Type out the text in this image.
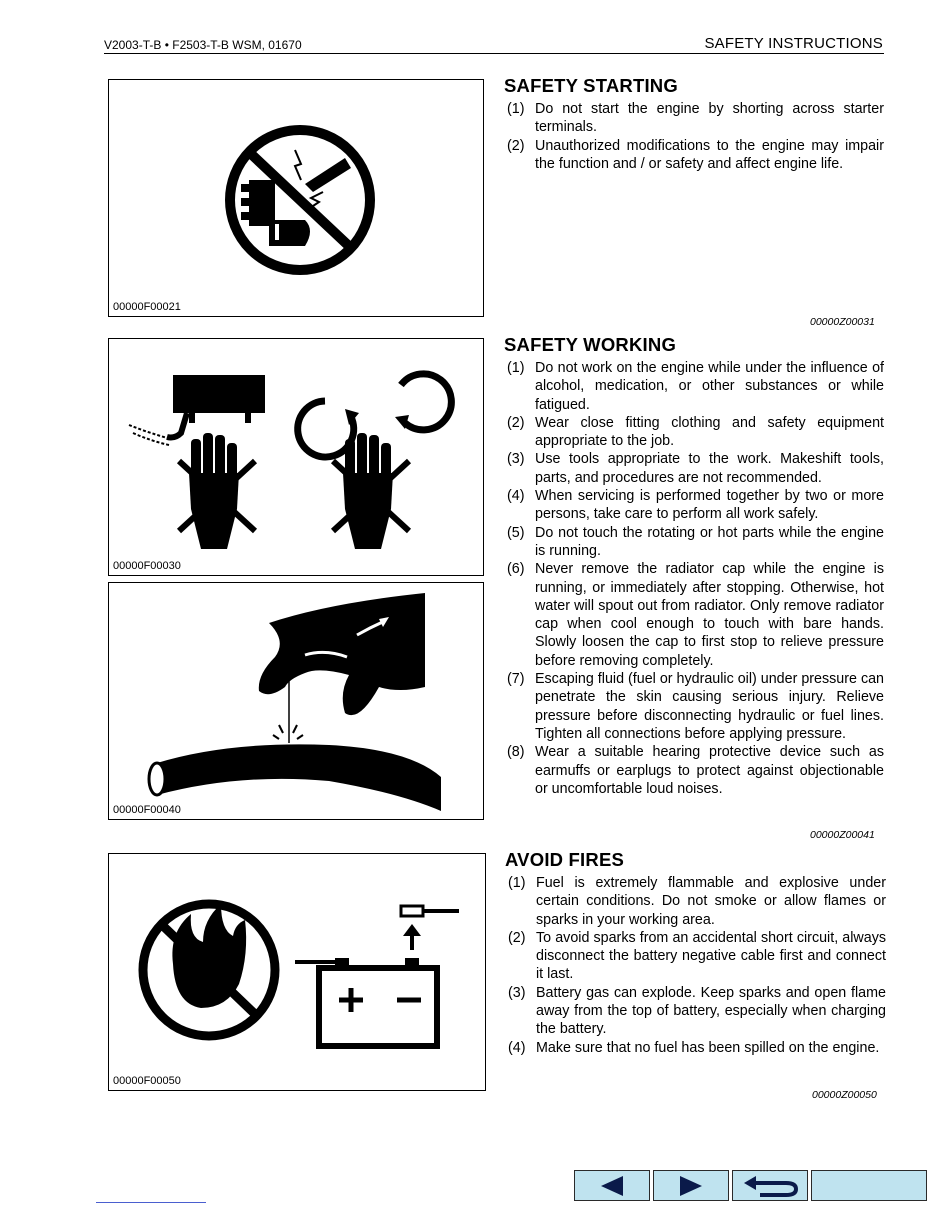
V2003-T-B • F2503-T-B WSM, 01670	SAFETY INSTRUCTIONS
00000F00021
00000F00030
00000F00040
00000F00050
SAFETY STARTING
(1) Do not start the engine by shorting across starter terminals.
(2) Unauthorized modifications to the engine may impair the function and / or safety and affect engine life.
00000Z00031
SAFETY WORKING
(1) Do not work on the engine while under the influence of alcohol, medication, or other substances or while fatigued.
(2) Wear close fitting clothing and safety equipment appropriate to the job.
(3) Use tools appropriate to the work. Makeshift tools, parts, and procedures are not recommended.
(4) When servicing is performed together by two or more persons, take care to perform all work safely.
(5) Do not touch the rotating or hot parts while the engine is running.
(6) Never remove the radiator cap while the engine is running, or immediately after stopping. Otherwise, hot water will spout out from radiator. Only remove radiator cap when cool enough to touch with bare hands. Slowly loosen the cap to first stop to relieve pressure before removing completely.
(7) Escaping fluid (fuel or hydraulic oil) under pressure can penetrate the skin causing serious injury. Relieve pressure before disconnecting hydraulic or fuel lines. Tighten all connections before applying pressure.
(8) Wear a suitable hearing protective device such as earmuffs or earplugs to protect against objectionable or uncomfortable loud noises.
00000Z00041
AVOID FIRES
(1) Fuel is extremely flammable and explosive under certain conditions. Do not smoke or allow flames or sparks in your working area.
(2) To avoid sparks from an accidental short circuit, always disconnect the battery negative cable first and connect it last.
(3) Battery gas can explode. Keep sparks and open flame away from the top of battery, especially when charging the battery.
(4) Make sure that no fuel has been spilled on the engine.
00000Z00050
